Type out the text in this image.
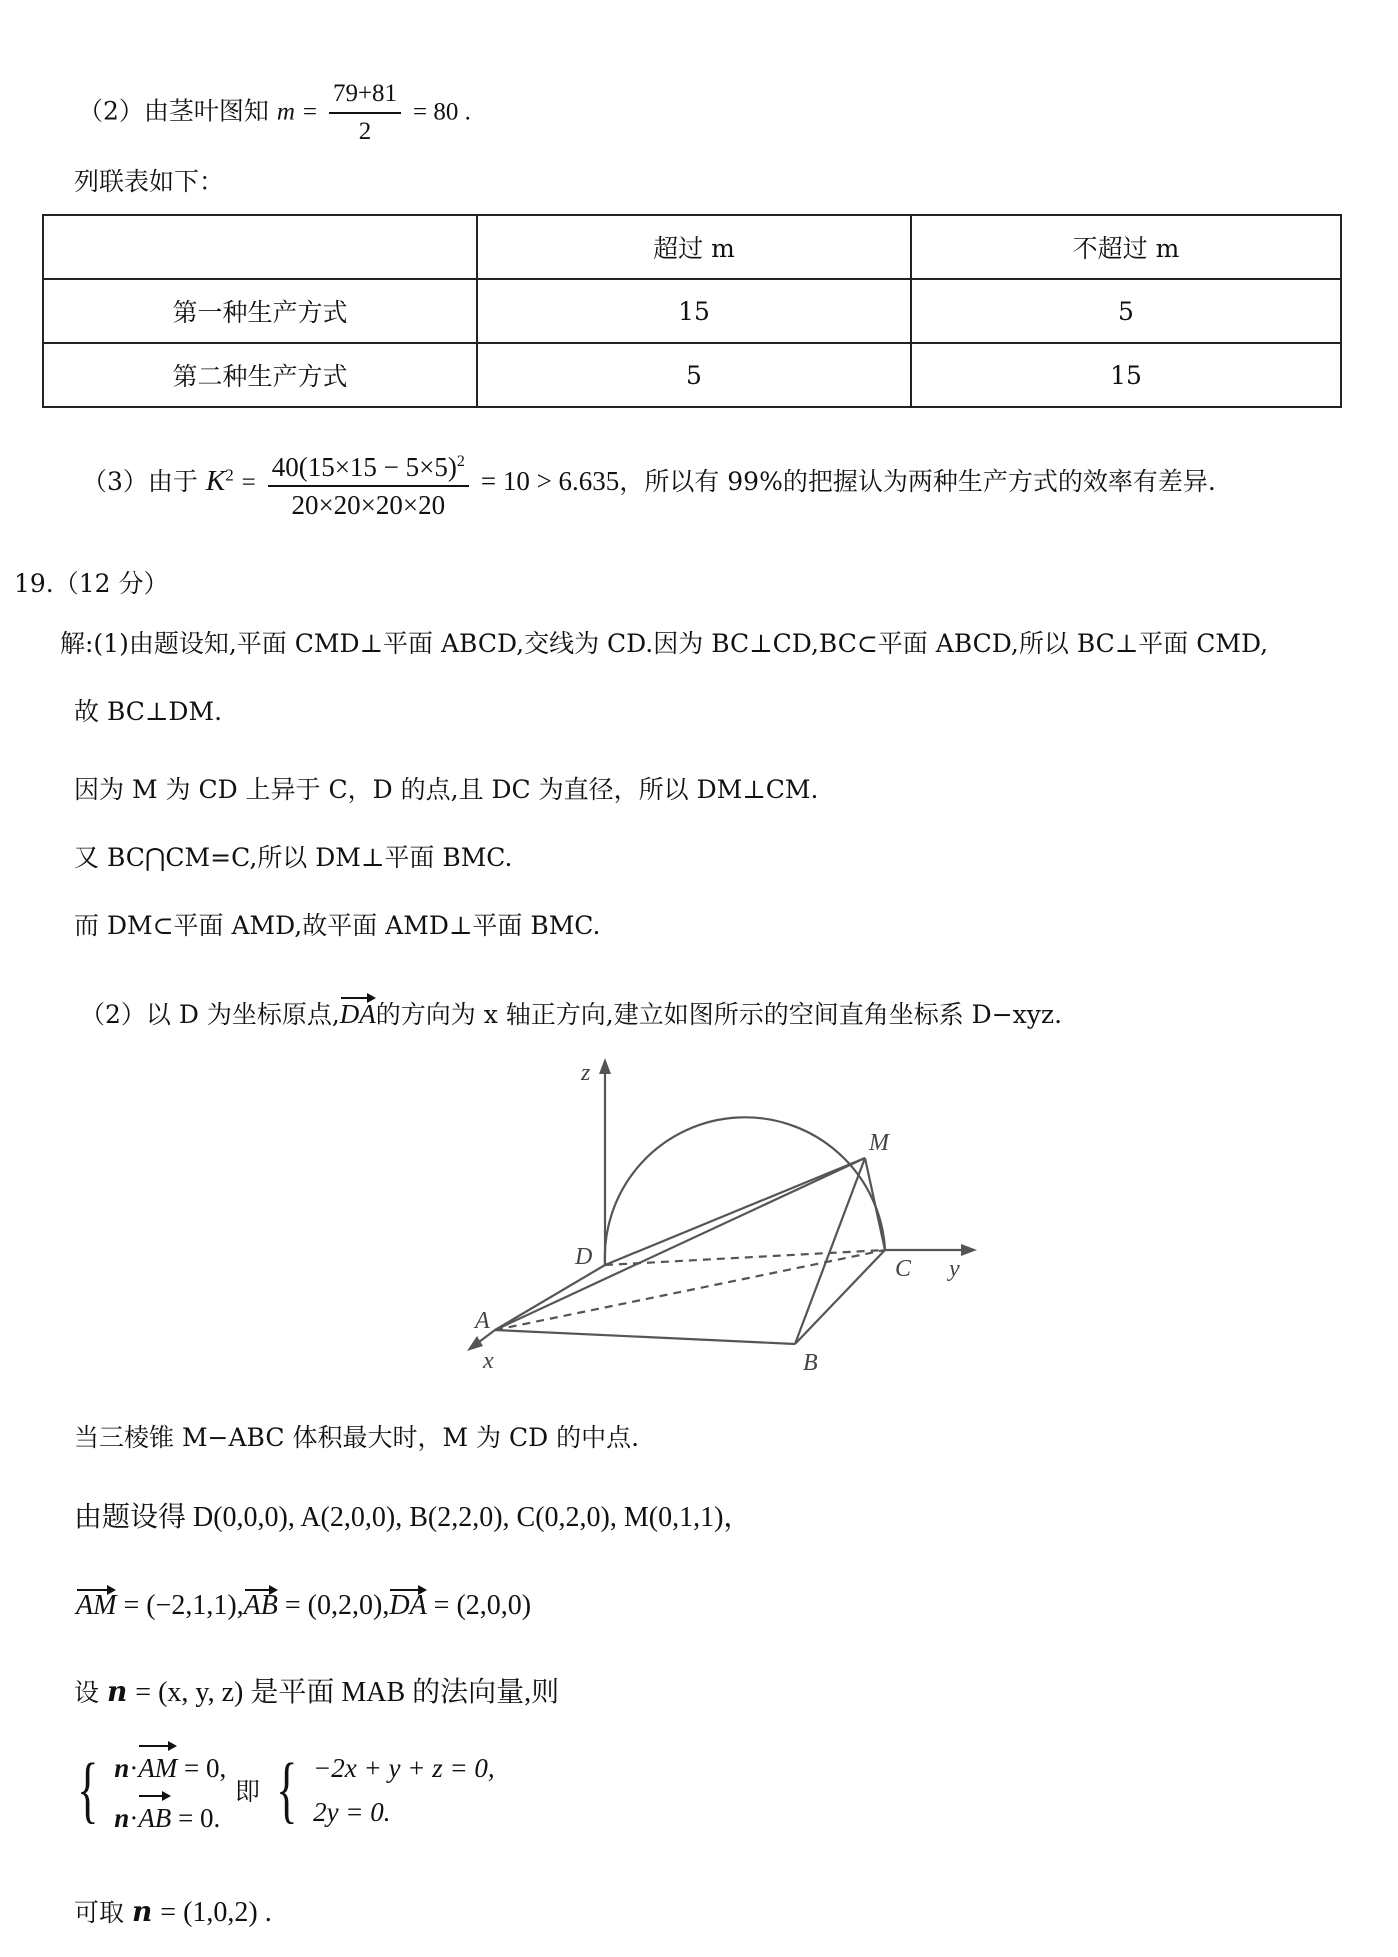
（2）由茎叶图知 $m = \frac{79+81}{2} = 80$ .
列联表如下：
	超过 m	不超过 m
第一种生产方式	15	5
第二种生产方式	5	15
（3）由于 $K^2 = \frac{40(15\times 15 - 5\times 5)^2}{20\times 20\times 20\times 20} = 10 > 6.635$，所以有 99%的把握认为两种生产方式的效率有差异.
19.（12 分）
解:(1)由题设知,平面 CMD⊥平面 ABCD,交线为 CD.因为 BC⊥CD,BC⊂平面 ABCD,所以 BC⊥平面 CMD,
故 BC⊥DM.
因为 M 为 CD 上异于 C，D 的点,且 DC 为直径，所以 DM⊥CM.
又 BC⋂CM=C,所以 DM⊥平面 BMC.
而 DM⊂平面 AMD,故平面 AMD⊥平面 BMC.
（2）以 D 为坐标原点,DA的方向为 x 轴正方向,建立如图所示的空间直角坐标系 D−xyz.
z
M
D	C y
A
x	B
当三棱锥 M−ABC 体积最大时，M 为 CD 的中点.
由题设得 D(0,0,0), A(2,0,0), B(2,2,0), C(0,2,0), M(0,1,1)，
AM = (−2,1,1),AB = (0,2,0),DA = (2,0,0)
设 n = (x, y, z) 是平面 MAB 的法向量,则
{ n·AM = 0,
n·AB = 0. 即 { −2x + y + z = 0,
2y = 0.
可取 n = (1,0,2) .
